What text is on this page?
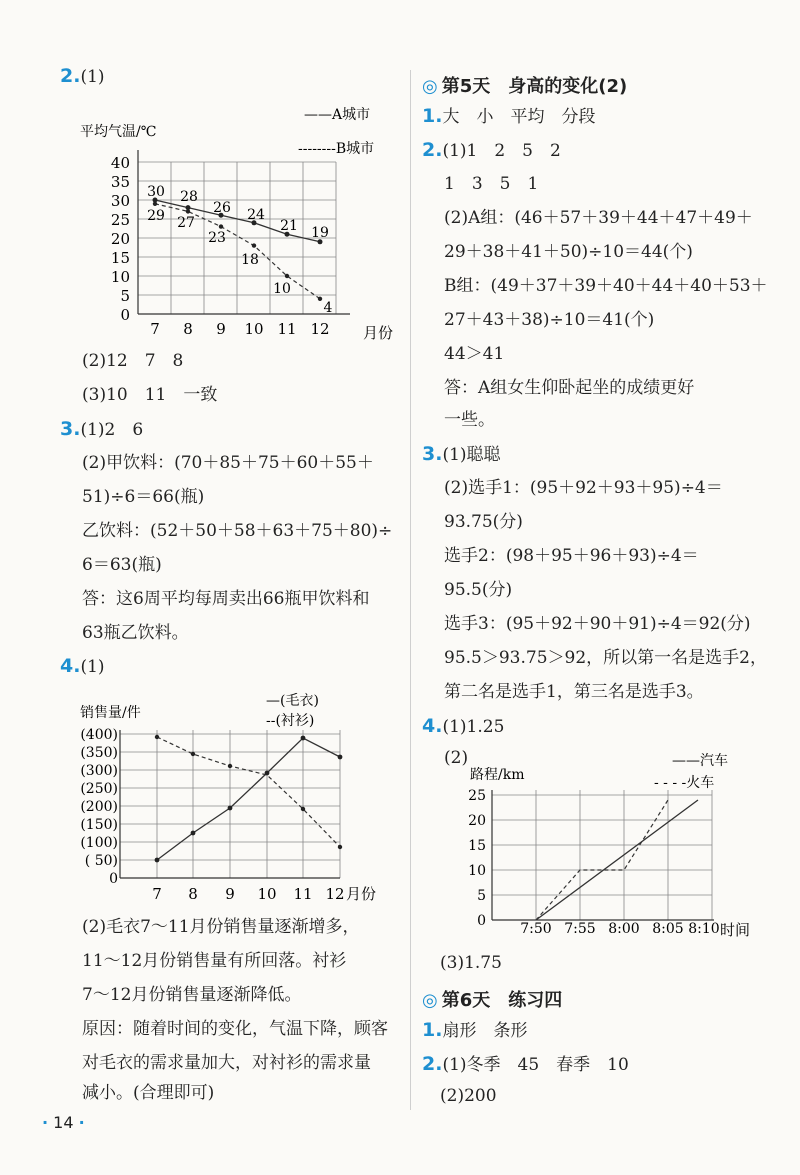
2.(1)
——A城市
--------B城市
平均气温/℃
40
35
30
25
20
15
10
5
0
7 8 9 10 11 12 月份
30 28
26 24
21 19
29 27
23
18
10
4
(2)12　7　8
(3)10　11　一致
3.(1)2　6
(2)甲饮料：(70＋85＋75＋60＋55＋
51)÷6＝66(瓶)
乙饮料：(52＋50＋58＋63＋75＋80)÷
6＝63(瓶)
答：这6周平均每周卖出66瓶甲饮料和
63瓶乙饮料。
4.(1)
—(毛衣)
--(衬衫)
销售量/件
(400)
(350)
(300)
(250)
(200)
(150)
(100)
( 50)
0
7 8 9 10 11 12 月份
(2)毛衣7～11月份销售量逐渐增多，
11～12月份销售量有所回落。衬衫
7～12月份销售量逐渐降低。
原因：随着时间的变化，气温下降，顾客
对毛衣的需求量加大，对衬衫的需求量
减小。(合理即可)
◎ 第5天　身高的变化(2)
1.大　小　平均　分段
2.(1)1　2　5　2
1　3　5　1
(2)A组：(46＋57＋39＋44＋47＋49＋
29＋38＋41＋50)÷10＝44(个)
B组：(49＋37＋39＋40＋44＋40＋53＋
27＋43＋38)÷10＝41(个)
44＞41
答：A组女生仰卧起坐的成绩更好
一些。
3.(1)聪聪
(2)选手1：(95＋92＋93＋95)÷4＝
93.75(分)
选手2：(98＋95＋96＋93)÷4＝
95.5(分)
选手3：(95＋92＋90＋91)÷4＝92(分)
95.5＞93.75＞92，所以第一名是选手2，
第二名是选手1，第三名是选手3。
4.(1)1.25
(2)	——汽车
- - - -火车
路程/km
25
20
15
10
5
0 7:50 7:55 8:00 8:05 8:10 时间
(3)1.75
◎ 第6天　练习四
1.扇形　条形
2.(1)冬季　45　春季　10
(2)200
· 14 ·
